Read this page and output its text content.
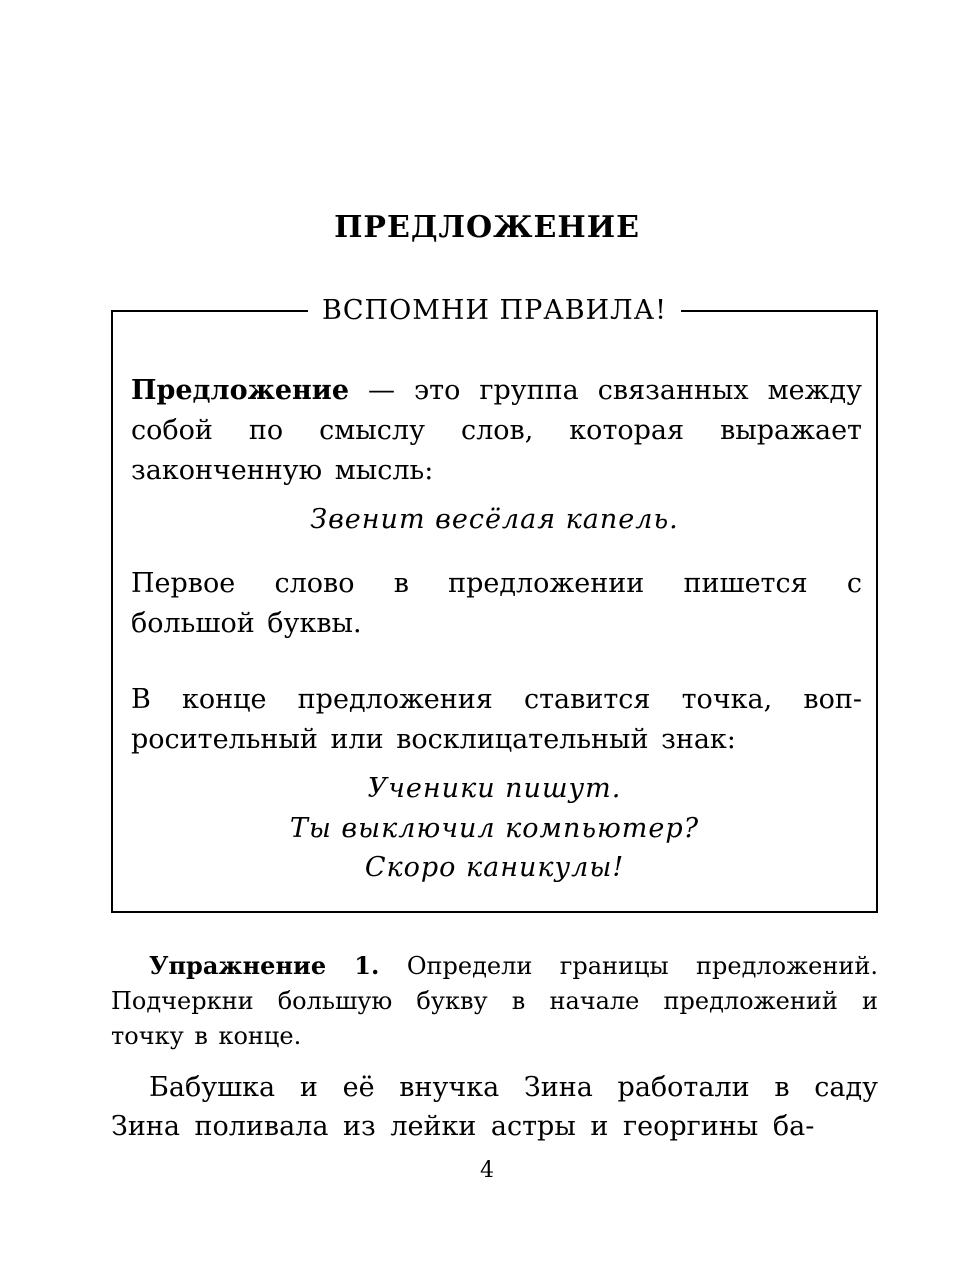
ПРЕДЛОЖЕНИЕ
ВСПОМНИ ПРАВИЛА!
Предложение — это группа связанных между собой по смыслу слов, которая выражает законченную мысль:
Звенит весёлая капель.
Первое слово в предложении пишется с большой буквы.
В конце предложения ставится точка, вопросительный или восклицательный знак:
Ученики пишут.
Ты выключил компьютер?
Скоро каникулы!
Упражнение 1. Определи границы предложений. Подчеркни большую букву в начале предложений и точку в конце.
Бабушка и её внучка Зина работали в саду Зина поливала из лейки астры и георгины ба-
4
